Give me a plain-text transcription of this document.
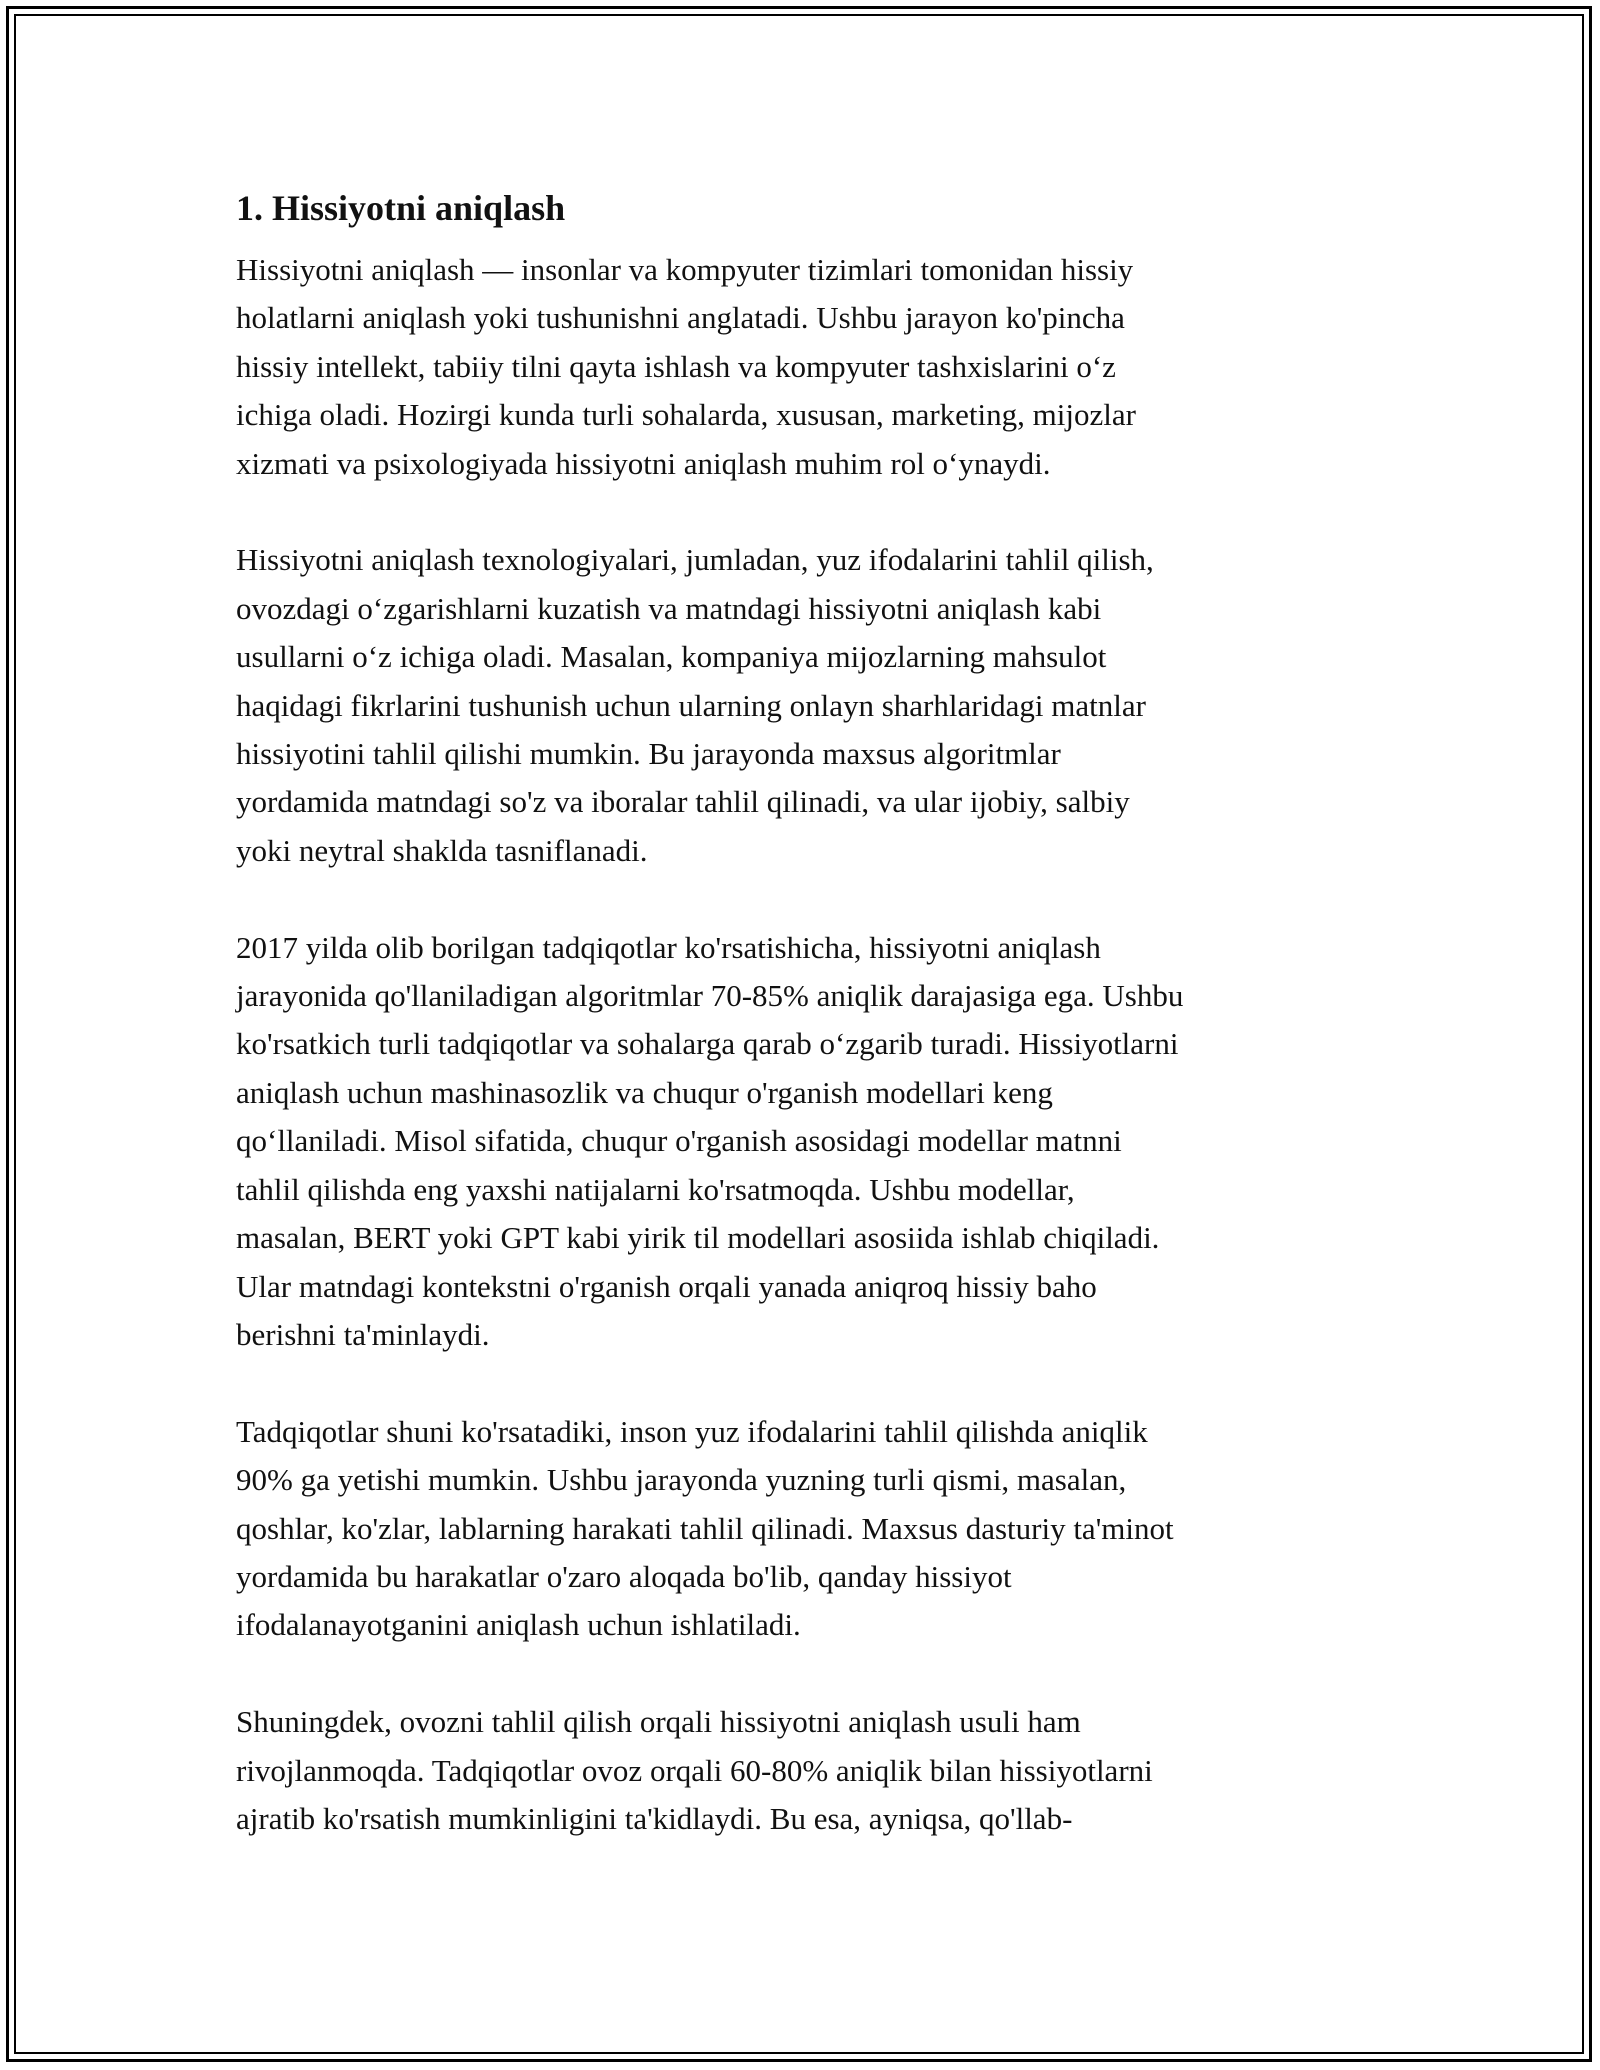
1. Hissiyotni aniqlash

Hissiyotni aniqlash — insonlar va kompyuter tizimlari tomonidan hissiy
holatlarni aniqlash yoki tushunishni anglatadi. Ushbu jarayon ko'pincha
hissiy intellekt, tabiiy tilni qayta ishlash va kompyuter tashxislarini oʻz
ichiga oladi. Hozirgi kunda turli sohalarda, xususan, marketing, mijozlar
xizmati va psixologiyada hissiyotni aniqlash muhim rol oʻynaydi.

Hissiyotni aniqlash texnologiyalari, jumladan, yuz ifodalarini tahlil qilish,
ovozdagi oʻzgarishlarni kuzatish va matndagi hissiyotni aniqlash kabi
usullarni oʻz ichiga oladi. Masalan, kompaniya mijozlarning mahsulot
haqidagi fikrlarini tushunish uchun ularning onlayn sharhlaridagi matnlar
hissiyotini tahlil qilishi mumkin. Bu jarayonda maxsus algoritmlar
yordamida matndagi so'z va iboralar tahlil qilinadi, va ular ijobiy, salbiy
yoki neytral shaklda tasniflanadi.

2017 yilda olib borilgan tadqiqotlar ko'rsatishicha, hissiyotni aniqlash
jarayonida qo'llaniladigan algoritmlar 70-85% aniqlik darajasiga ega. Ushbu
ko'rsatkich turli tadqiqotlar va sohalarga qarab oʻzgarib turadi. Hissiyotlarni
aniqlash uchun mashinasozlik va chuqur o'rganish modellari keng
qoʻllaniladi. Misol sifatida, chuqur o'rganish asosidagi modellar matnni
tahlil qilishda eng yaxshi natijalarni ko'rsatmoqda. Ushbu modellar,
masalan, BERT yoki GPT kabi yirik til modellari asosiida ishlab chiqiladi.
Ular matndagi kontekstni o'rganish orqali yanada aniqroq hissiy baho
berishni ta'minlaydi.

Tadqiqotlar shuni ko'rsatadiki, inson yuz ifodalarini tahlil qilishda aniqlik
90% ga yetishi mumkin. Ushbu jarayonda yuzning turli qismi, masalan,
qoshlar, ko'zlar, lablarning harakati tahlil qilinadi. Maxsus dasturiy ta'minot
yordamida bu harakatlar o'zaro aloqada bo'lib, qanday hissiyot
ifodalanayotganini aniqlash uchun ishlatiladi.

Shuningdek, ovozni tahlil qilish orqali hissiyotni aniqlash usuli ham
rivojlanmoqda. Tadqiqotlar ovoz orqali 60-80% aniqlik bilan hissiyotlarni
ajratib ko'rsatish mumkinligini ta'kidlaydi. Bu esa, ayniqsa, qo'llab-
